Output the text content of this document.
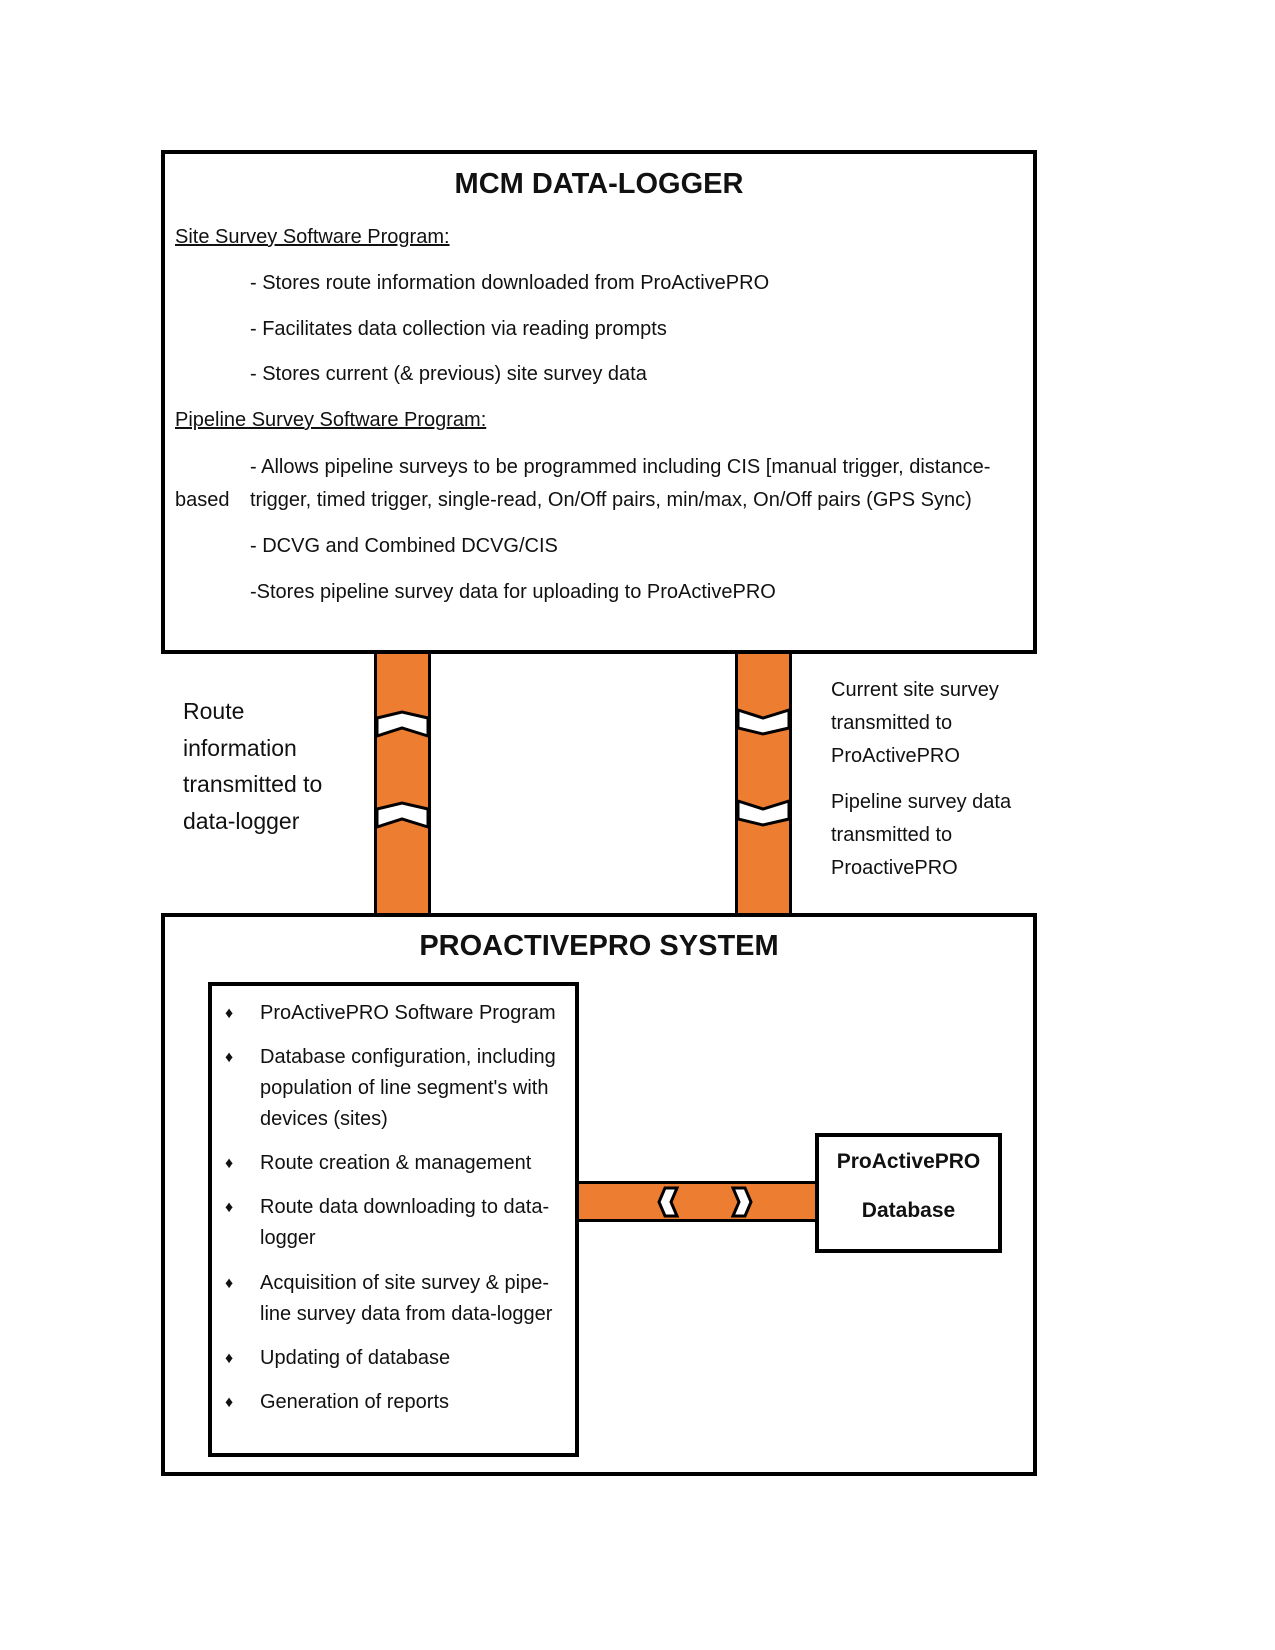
MCM DATA-LOGGER
Site Survey Software Program:
- Stores route information downloaded from ProActivePRO
- Facilitates data collection via reading prompts
- Stores current (& previous) site survey data
Pipeline Survey Software Program:
- Allows pipeline surveys to be programmed including CIS [manual trigger, distance-
based trigger, timed trigger, single-read, On/Off pairs, min/max, On/Off pairs (GPS Sync)
- DCVG and Combined DCVG/CIS
-Stores pipeline survey data for uploading to ProActivePRO
Route information transmitted to data-logger
Current site survey transmitted to ProActivePRO
Pipeline survey data transmitted to ProactivePRO
PROACTIVEPRO SYSTEM
♦ ProActivePRO Software Program
♦ Database configuration, including population of line segment's with devices (sites)
♦ Route creation & management
♦ Route data downloading to data-logger
♦ Acquisition of site survey & pipe-line survey data from data-logger
♦ Updating of database
♦ Generation of reports
ProActivePRO
Database
